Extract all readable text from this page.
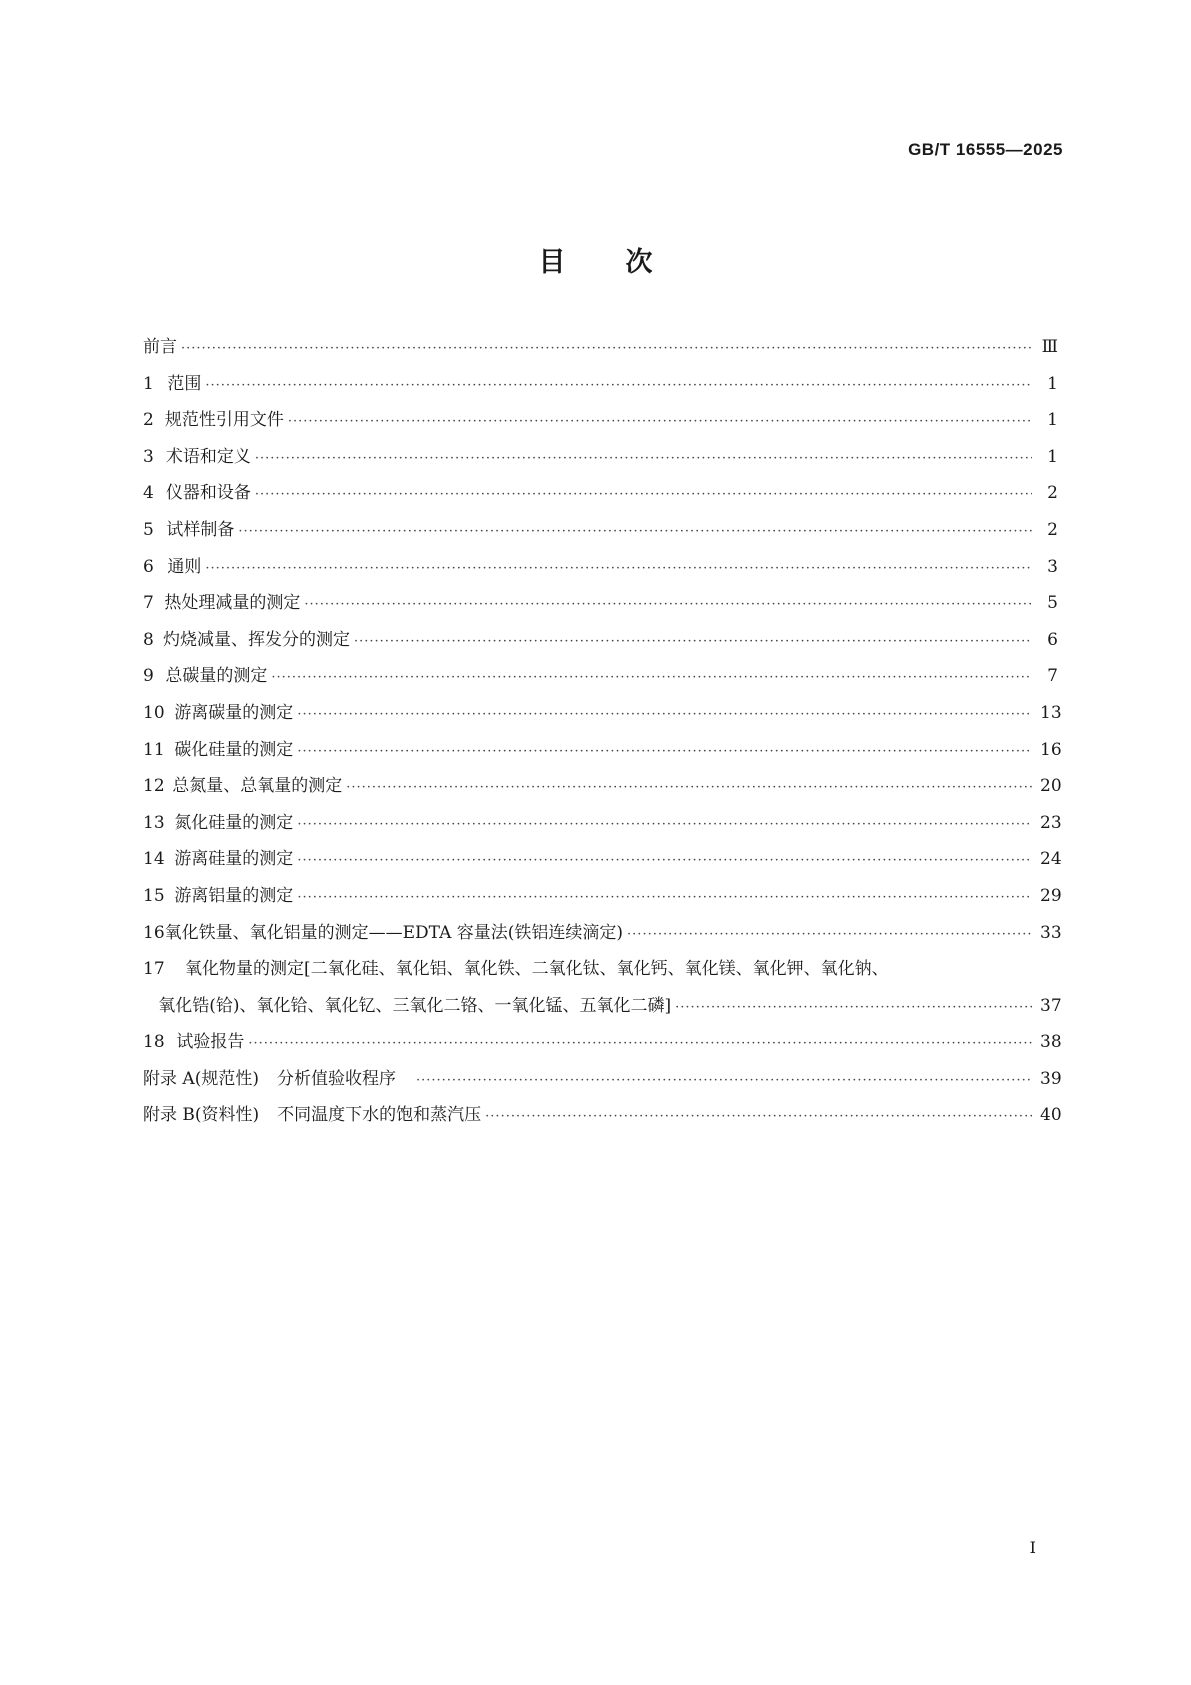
GB/T 16555—2025
目 次
前言 ·····	Ⅲ
1 范围 ·····	1
2 规范性引用文件 ·····	1
3 术语和定义 ·····	1
4 仪器和设备 ·····	2
5 试样制备 ·····	2
6 通则 ·····	3
7 热处理减量的测定 ·····	5
8 灼烧减量、挥发分的测定 ·····	6
9 总碳量的测定 ·····	7
10 游离碳量的测定 ·····	13
11 碳化硅量的测定 ·····	16
12 总氮量、总氧量的测定 ·····	20
13 氮化硅量的测定 ·····	23
14 游离硅量的测定 ·····	24
15 游离铝量的测定 ·····	29
16 氧化铁量、氧化铝量的测定——EDTA 容量法(铁铝连续滴定) ·····	33
17	氧化物量的测定[二氧化硅、氧化铝、氧化铁、二氧化钛、氧化钙、氧化镁、氧化钾、氧化钠、
氧化锆(铪)、氧化铪、氧化钇、三氧化二铬、一氧化锰、五氧化二磷] ·····	37
18 试验报告 ·····	38
附录 A (规范性) 分析值验收程序 ·····	39
附录 B (资料性) 不同温度下水的饱和蒸汽压 ·····	40
Ⅰ
